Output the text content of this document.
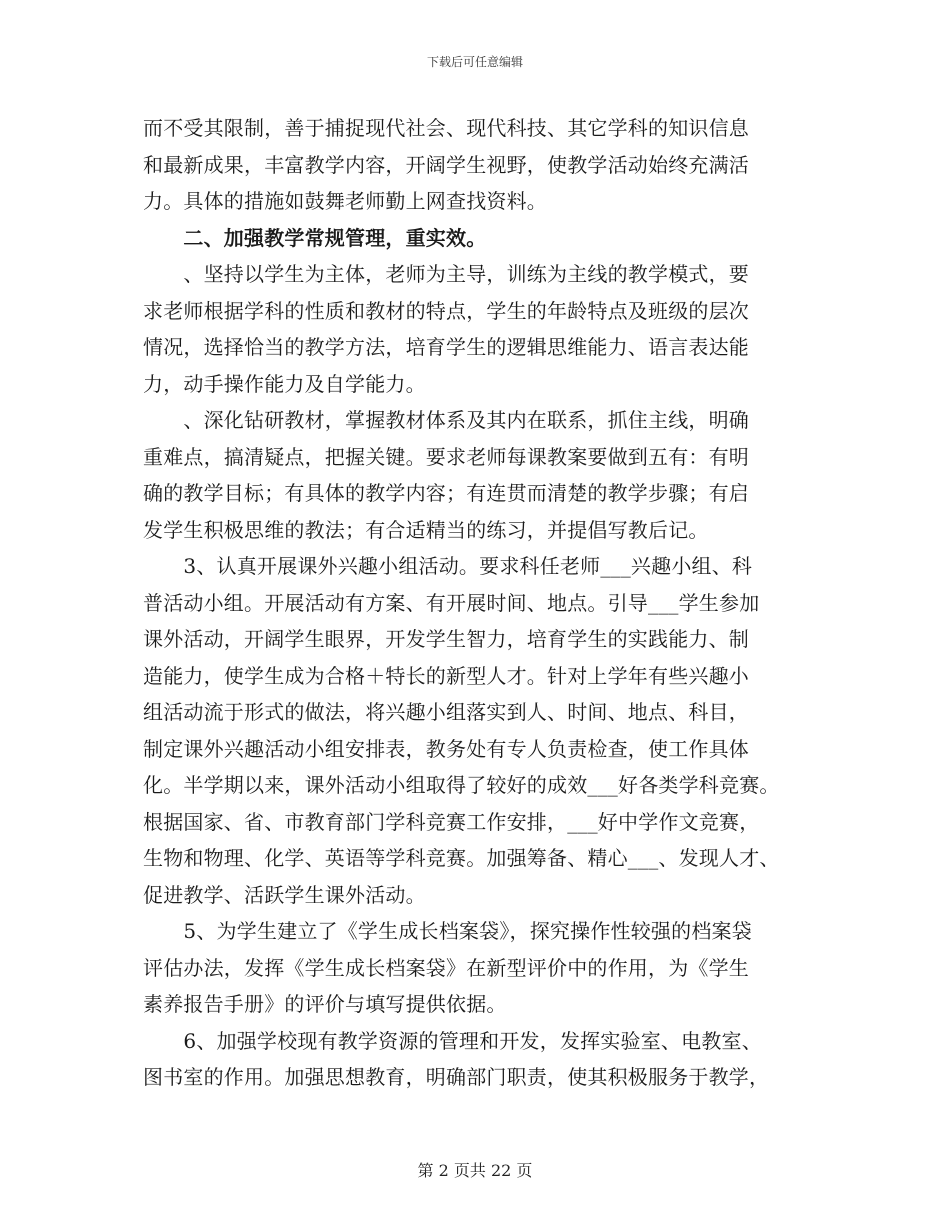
下载后可任意编辑
而不受其限制，善于捕捉现代社会、现代科技、其它学科的知识信息
和最新成果，丰富教学内容，开阔学生视野，使教学活动始终充满活
力。具体的措施如鼓舞老师勤上网查找资料。
　　二、加强教学常规管理，重实效。
　　、坚持以学生为主体，老师为主导，训练为主线的教学模式，要
求老师根据学科的性质和教材的特点，学生的年龄特点及班级的层次
情况，选择恰当的教学方法，培育学生的逻辑思维能力、语言表达能
力，动手操作能力及自学能力。
　　、深化钻研教材，掌握教材体系及其内在联系，抓住主线，明确
重难点，搞清疑点，把握关键。要求老师每课教案要做到五有：有明
确的教学目标；有具体的教学内容；有连贯而清楚的教学步骤；有启
发学生积极思维的教法；有合适精当的练习，并提倡写教后记。
　　3、认真开展课外兴趣小组活动。要求科任老师___兴趣小组、科
普活动小组。开展活动有方案、有开展时间、地点。引导___学生参加
课外活动，开阔学生眼界，开发学生智力，培育学生的实践能力、制
造能力，使学生成为合格＋特长的新型人才。针对上学年有些兴趣小
组活动流于形式的做法，将兴趣小组落实到人、时间、地点、科目，
制定课外兴趣活动小组安排表，教务处有专人负责检查，使工作具体
化。半学期以来，课外活动小组取得了较好的成效___好各类学科竞赛。
根据国家、省、市教育部门学科竞赛工作安排，___好中学作文竞赛，
生物和物理、化学、英语等学科竞赛。加强筹备、精心___、发现人才、
促进教学、活跃学生课外活动。
　　5、为学生建立了《学生成长档案袋》，探究操作性较强的档案袋
评估办法，发挥《学生成长档案袋》在新型评价中的作用，为《学生
素养报告手册》的评价与填写提供依据。
　　6、加强学校现有教学资源的管理和开发，发挥实验室、电教室、
图书室的作用。加强思想教育，明确部门职责，使其积极服务于教学，
第 2 页共 22 页
